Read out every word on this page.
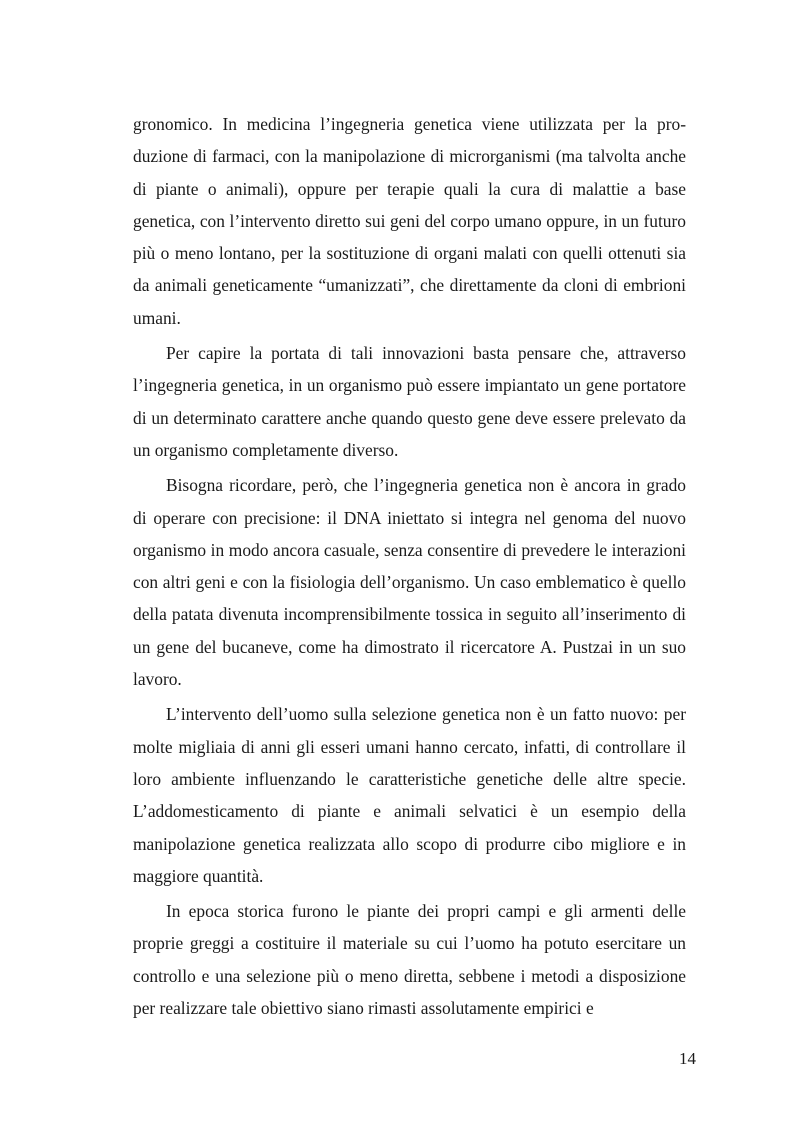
gronomico. In medicina l’ingegneria genetica viene utilizzata per la produzione di farmaci, con la manipolazione di microrganismi (ma talvolta anche di piante o animali), oppure per terapie quali la cura di malattie a base genetica, con l’intervento diretto sui geni del corpo umano oppure, in un futuro più o meno lontano, per la sostituzione di organi malati con quelli ottenuti sia da animali geneticamente “umanizzati”, che direttamente da cloni di embrioni umani.

Per capire la portata di tali innovazioni basta pensare che, attraverso l’ingegneria genetica, in un organismo può essere impiantato un gene portatore di un determinato carattere anche quando questo gene deve essere prelevato da un organismo completamente diverso.

Bisogna ricordare, però, che l’ingegneria genetica non è ancora in grado di operare con precisione: il DNA iniettato si integra nel genoma del nuovo organismo in modo ancora casuale, senza consentire di prevedere le interazioni con altri geni e con la fisiologia dell’organismo. Un caso emblematico è quello della patata divenuta incomprensibilmente tossica in seguito all’inserimento di un gene del bucaneve, come ha dimostrato il ricercatore A. Pustzai in un suo lavoro.

L’intervento dell’uomo sulla selezione genetica non è un fatto nuovo: per molte migliaia di anni gli esseri umani hanno cercato, infatti, di controllare il loro ambiente influenzando le caratteristiche genetiche delle altre specie. L’addomesticamento di piante e animali selvatici è un esempio della manipolazione genetica realizzata allo scopo di produrre cibo migliore e in maggiore quantità.

In epoca storica furono le piante dei propri campi e gli armenti delle proprie greggi a costituire il materiale su cui l’uomo ha potuto esercitare un controllo e una selezione più o meno diretta, sebbene i metodi a disposizione per realizzare tale obiettivo siano rimasti assolutamente empirici e

14
